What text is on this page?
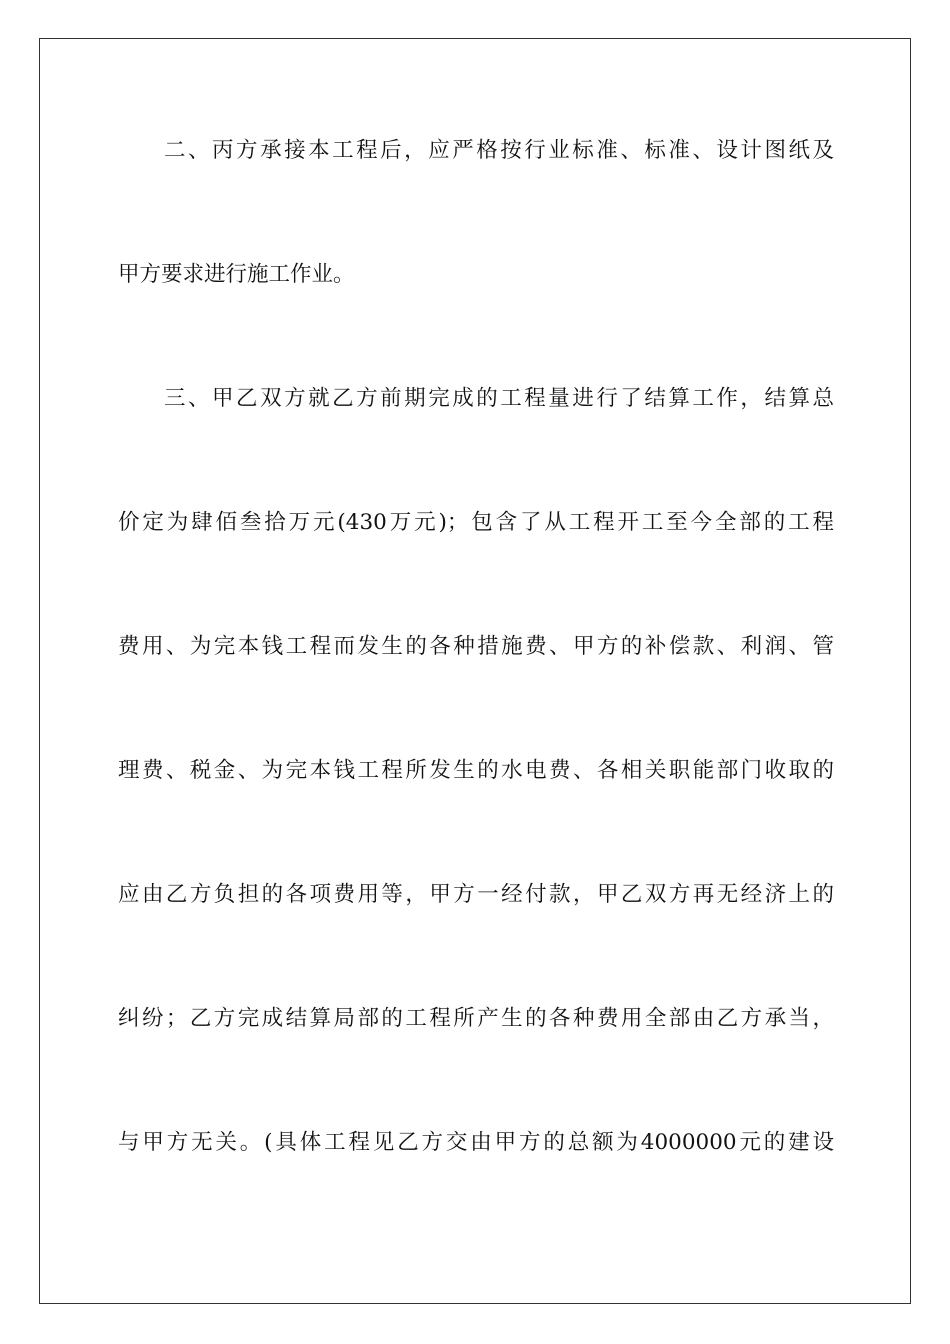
二、丙方承接本工程后，应严格按行业标准、标准、设计图纸及
甲方要求进行施工作业。
三、甲乙双方就乙方前期完成的工程量进行了结算工作，结算总
价定为肆佰叁拾万元(430万元)；包含了从工程开工至今全部的工程
费用、为完本钱工程而发生的各种措施费、甲方的补偿款、利润、管
理费、税金、为完本钱工程所发生的水电费、各相关职能部门收取的
应由乙方负担的各项费用等，甲方一经付款，甲乙双方再无经济上的
纠纷；乙方完成结算局部的工程所产生的各种费用全部由乙方承当，
与甲方无关。(具体工程见乙方交由甲方的总额为4000000元的建设
